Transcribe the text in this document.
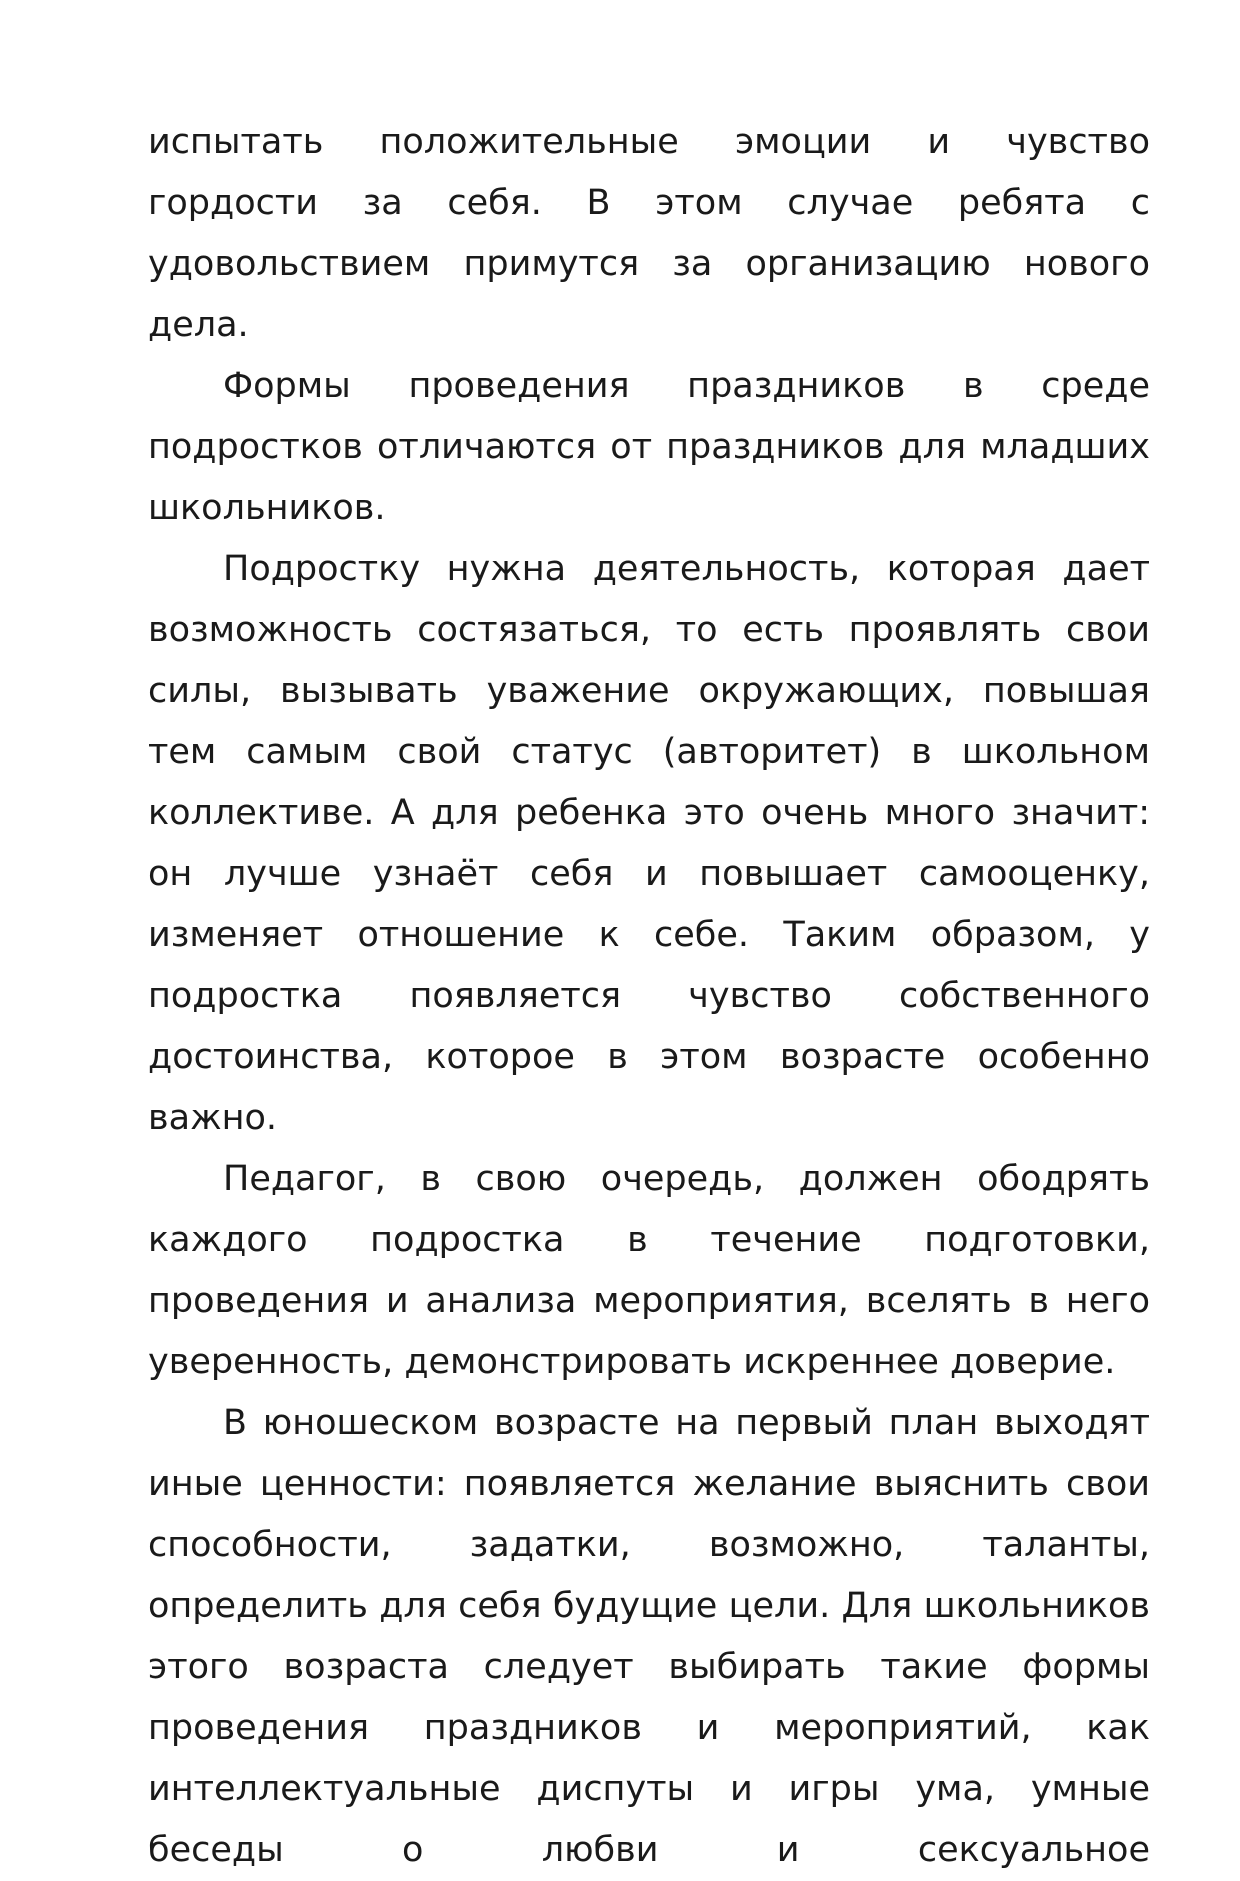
испытать положительные эмоции и чувство гордости за себя. В этом случае ребята с удовольствием примутся за организацию нового дела.

Формы проведения праздников в среде подростков отличаются от праздников для младших школьников.

Подростку нужна деятельность, которая дает возможность состязаться, то есть проявлять свои силы, вызывать уважение окружающих, повышая тем самым свой статус (авторитет) в школьном коллективе. А для ребенка это очень много значит: он лучше узнаёт себя и повышает самооценку, изменяет отношение к себе. Таким образом, у подростка появляется чувство собственного достоинства, которое в этом возрасте особенно важно.

Педагог, в свою очередь, должен ободрять каждого подростка в течение подготовки, проведения и анализа мероприятия, вселять в него уверенность, демонстрировать искреннее доверие.

В юношеском возрасте на первый план выходят иные ценности: появляется желание выяснить свои способности, задатки, возможно, таланты, определить для себя будущие цели. Для школьников этого возраста следует выбирать такие формы проведения праздников и мероприятий, как интеллектуальные диспуты и игры ума, умные беседы о любви и сексуальное
